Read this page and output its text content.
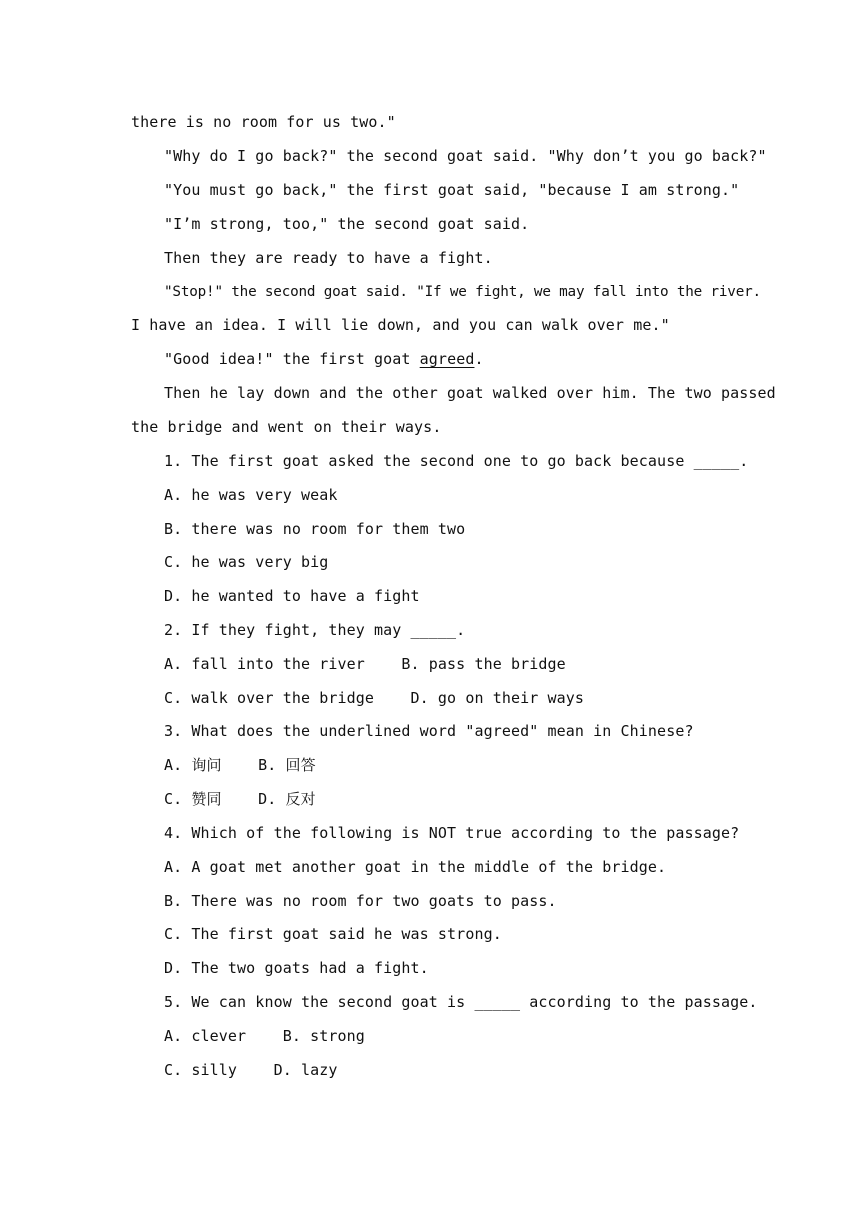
there is no room for us two."
"Why do I go back?" the second goat said. "Why don’t you go back?"
"You must go back," the first goat said, "because I am strong."
"I’m strong, too," the second goat said.
Then they are ready to have a fight.
"Stop!" the second goat said. "If we fight, we may fall into the river.
I have an idea. I will lie down, and you can walk over me."
"Good idea!" the first goat agreed.
Then he lay down and the other goat walked over him. The two passed
the bridge and went on their ways.
1. The first goat asked the second one to go back because _____.
A. he was very weak
B. there was no room for them two
C. he was very big
D. he wanted to have a fight
2. If they fight, they may _____.
A. fall into the river    B. pass the bridge
C. walk over the bridge    D. go on their ways
3. What does the underlined word "agreed" mean in Chinese?
A. 询问    B. 回答
C. 赞同    D. 反对
4. Which of the following is NOT true according to the passage?
A. A goat met another goat in the middle of the bridge.
B. There was no room for two goats to pass.
C. The first goat said he was strong.
D. The two goats had a fight.
5. We can know the second goat is _____ according to the passage.
A. clever    B. strong
C. silly    D. lazy
